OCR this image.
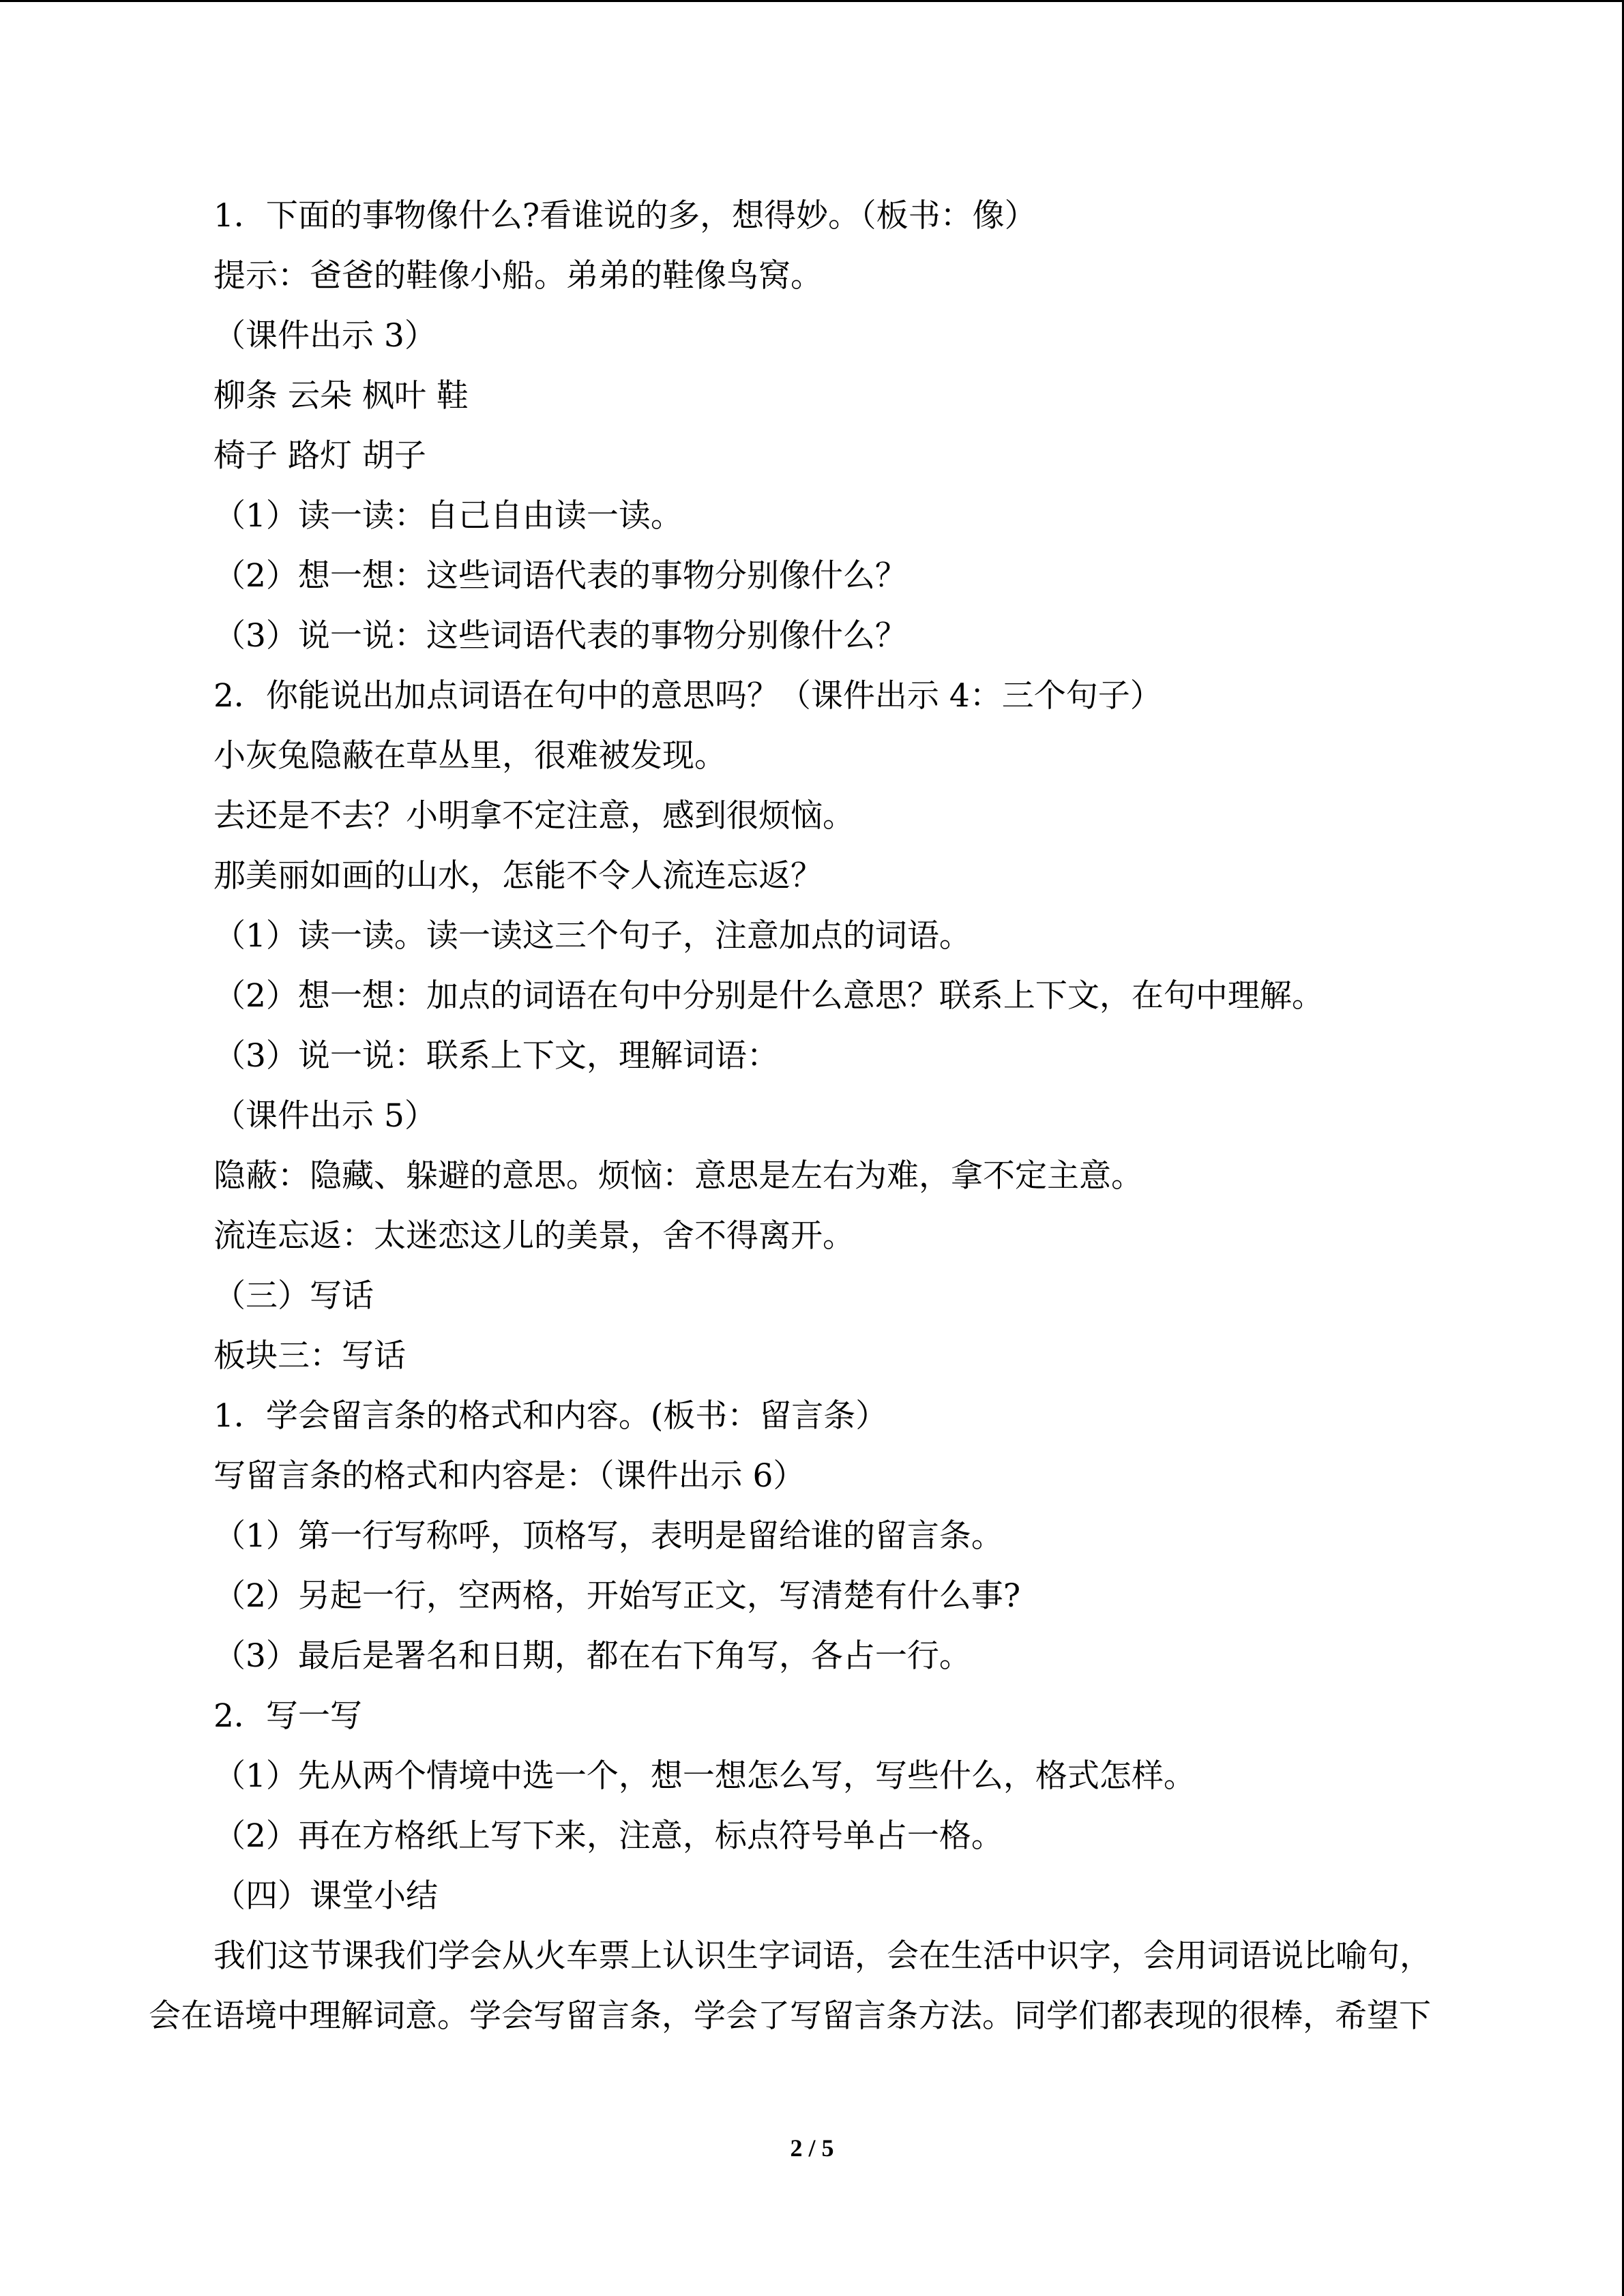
1．下面的事物像什么?看谁说的多，想得妙。（板书：像）
提示：爸爸的鞋像小船。弟弟的鞋像鸟窝。
（课件出示 3）
柳条 云朵 枫叶 鞋
椅子 路灯 胡子
（1）读一读：自己自由读一读。
（2）想一想：这些词语代表的事物分别像什么？
（3）说一说：这些词语代表的事物分别像什么？
2．你能说出加点词语在句中的意思吗？（课件出示 4：三个句子）
小灰兔隐蔽在草丛里，很难被发现。
去还是不去？小明拿不定注意，感到很烦恼。
那美丽如画的山水，怎能不令人流连忘返？
（1）读一读。读一读这三个句子，注意加点的词语。
（2）想一想：加点的词语在句中分别是什么意思？联系上下文，在句中理解。
（3）说一说：联系上下文，理解词语：
（课件出示 5）
隐蔽：隐藏、躲避的意思。烦恼：意思是左右为难，拿不定主意。
流连忘返：太迷恋这儿的美景，舍不得离开。
（三）写话
板块三：写话
1．学会留言条的格式和内容。(板书：留言条）
写留言条的格式和内容是：（课件出示 6）
（1）第一行写称呼，顶格写，表明是留给谁的留言条。
（2）另起一行，空两格，开始写正文，写清楚有什么事?
（3）最后是署名和日期，都在右下角写，各占一行。
2．写一写
（1）先从两个情境中选一个，想一想怎么写，写些什么，格式怎样。
（2）再在方格纸上写下来，注意，标点符号单占一格。
（四）课堂小结
我们这节课我们学会从火车票上认识生字词语，会在生活中识字，会用词语说比喻句，
会在语境中理解词意。学会写留言条，学会了写留言条方法。同学们都表现的很棒，希望下
2 / 5
